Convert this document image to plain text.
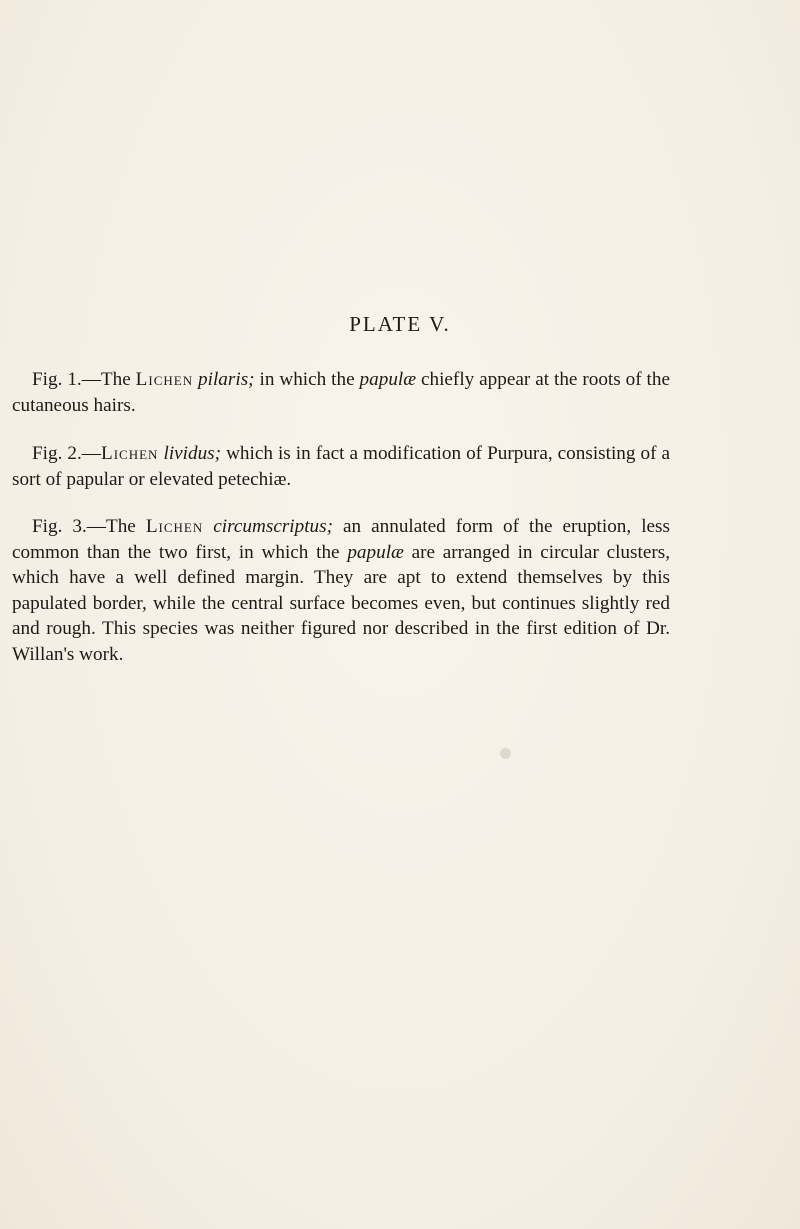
PLATE V.

Fig. 1.—The Lichen pilaris; in which the papulæ chiefly appear at the roots of the cutaneous hairs.

Fig. 2.—Lichen lividus; which is in fact a modification of Purpura, consisting of a sort of papular or elevated petechiæ.

Fig. 3.—The Lichen circumscriptus; an annulated form of the eruption, less common than the two first, in which the papulæ are arranged in circular clusters, which have a well defined margin. They are apt to extend themselves by this papulated border, while the central surface becomes even, but continues slightly red and rough. This species was neither figured nor described in the first edition of Dr. Willan's work.
